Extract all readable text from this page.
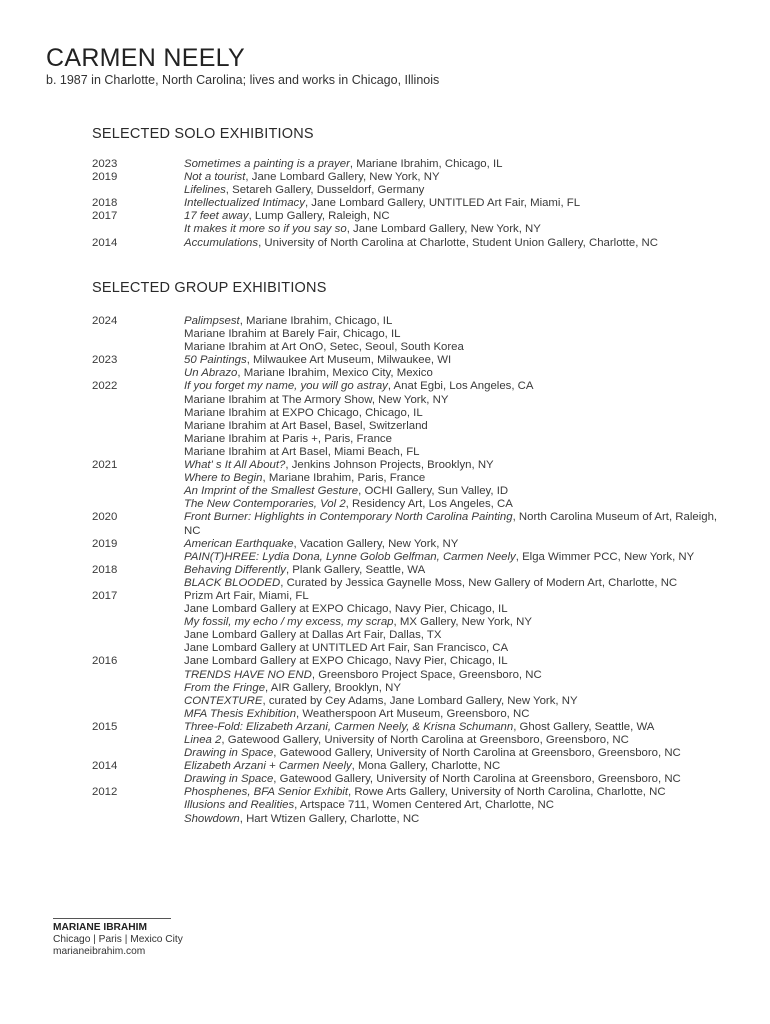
CARMEN NEELY
b. 1987 in Charlotte, North Carolina; lives and works in Chicago, Illinois
SELECTED SOLO EXHIBITIONS
2023	Sometimes a painting is a prayer, Mariane Ibrahim, Chicago, IL
2019	Not a tourist, Jane Lombard Gallery, New York, NY
Lifelines, Setareh Gallery, Dusseldorf, Germany
2018	Intellectualized Intimacy, Jane Lombard Gallery, UNTITLED Art Fair, Miami, FL
2017	17 feet away, Lump Gallery, Raleigh, NC
It makes it more so if you say so, Jane Lombard Gallery, New York, NY
2014	Accumulations, University of North Carolina at Charlotte, Student Union Gallery, Charlotte, NC
SELECTED GROUP EXHIBITIONS
2024	Palimpsest, Mariane Ibrahim, Chicago, IL
Mariane Ibrahim at Barely Fair, Chicago, IL
Mariane Ibrahim at Art OnO, Setec, Seoul, South Korea
2023	50 Paintings, Milwaukee Art Museum, Milwaukee, WI
Un Abrazo, Mariane Ibrahim, Mexico City, Mexico
2022	If you forget my name, you will go astray, Anat Egbi, Los Angeles, CA
Mariane Ibrahim at The Armory Show, New York, NY
Mariane Ibrahim at EXPO Chicago, Chicago, IL
Mariane Ibrahim at Art Basel, Basel, Switzerland
Mariane Ibrahim at Paris +, Paris, France
Mariane Ibrahim at Art Basel, Miami Beach, FL
2021	What' s It All About?, Jenkins Johnson Projects, Brooklyn, NY
Where to Begin, Mariane Ibrahim, Paris, France
An Imprint of the Smallest Gesture, OCHI Gallery, Sun Valley, ID
The New Contemporaries, Vol 2, Residency Art, Los Angeles, CA
2020	Front Burner: Highlights in Contemporary North Carolina Painting, North Carolina Museum of Art, Raleigh, NC
2019	American Earthquake, Vacation Gallery, New York, NY
PAIN(T)HREE: Lydia Dona, Lynne Golob Gelfman, Carmen Neely, Elga Wimmer PCC, New York, NY
2018	Behaving Differently, Plank Gallery, Seattle, WA
BLACK BLOODED, Curated by Jessica Gaynelle Moss, New Gallery of Modern Art, Charlotte, NC
2017	Prizm Art Fair, Miami, FL
Jane Lombard Gallery at EXPO Chicago, Navy Pier, Chicago, IL
My fossil, my echo / my excess, my scrap, MX Gallery, New York, NY
Jane Lombard Gallery at Dallas Art Fair, Dallas, TX
Jane Lombard Gallery at UNTITLED Art Fair, San Francisco, CA
2016	Jane Lombard Gallery at EXPO Chicago, Navy Pier, Chicago, IL
TRENDS HAVE NO END, Greensboro Project Space, Greensboro, NC
From the Fringe, AIR Gallery, Brooklyn, NY
CONTEXTURE, curated by Cey Adams, Jane Lombard Gallery, New York, NY
MFA Thesis Exhibition, Weatherspoon Art Museum, Greensboro, NC
2015	Three-Fold: Elizabeth Arzani, Carmen Neely, & Krisna Schumann, Ghost Gallery, Seattle, WA
Linea 2, Gatewood Gallery, University of North Carolina at Greensboro, Greensboro, NC
Drawing in Space, Gatewood Gallery, University of North Carolina at Greensboro, Greensboro, NC
2014	Elizabeth Arzani + Carmen Neely, Mona Gallery, Charlotte, NC
Drawing in Space, Gatewood Gallery, University of North Carolina at Greensboro, Greensboro, NC
2012	Phosphenes, BFA Senior Exhibit, Rowe Arts Gallery, University of North Carolina, Charlotte, NC
Illusions and Realities, Artspace 711, Women Centered Art, Charlotte, NC
Showdown, Hart Wtizen Gallery, Charlotte, NC
MARIANE IBRAHIM
Chicago | Paris | Mexico City
marianeibrahim.com
